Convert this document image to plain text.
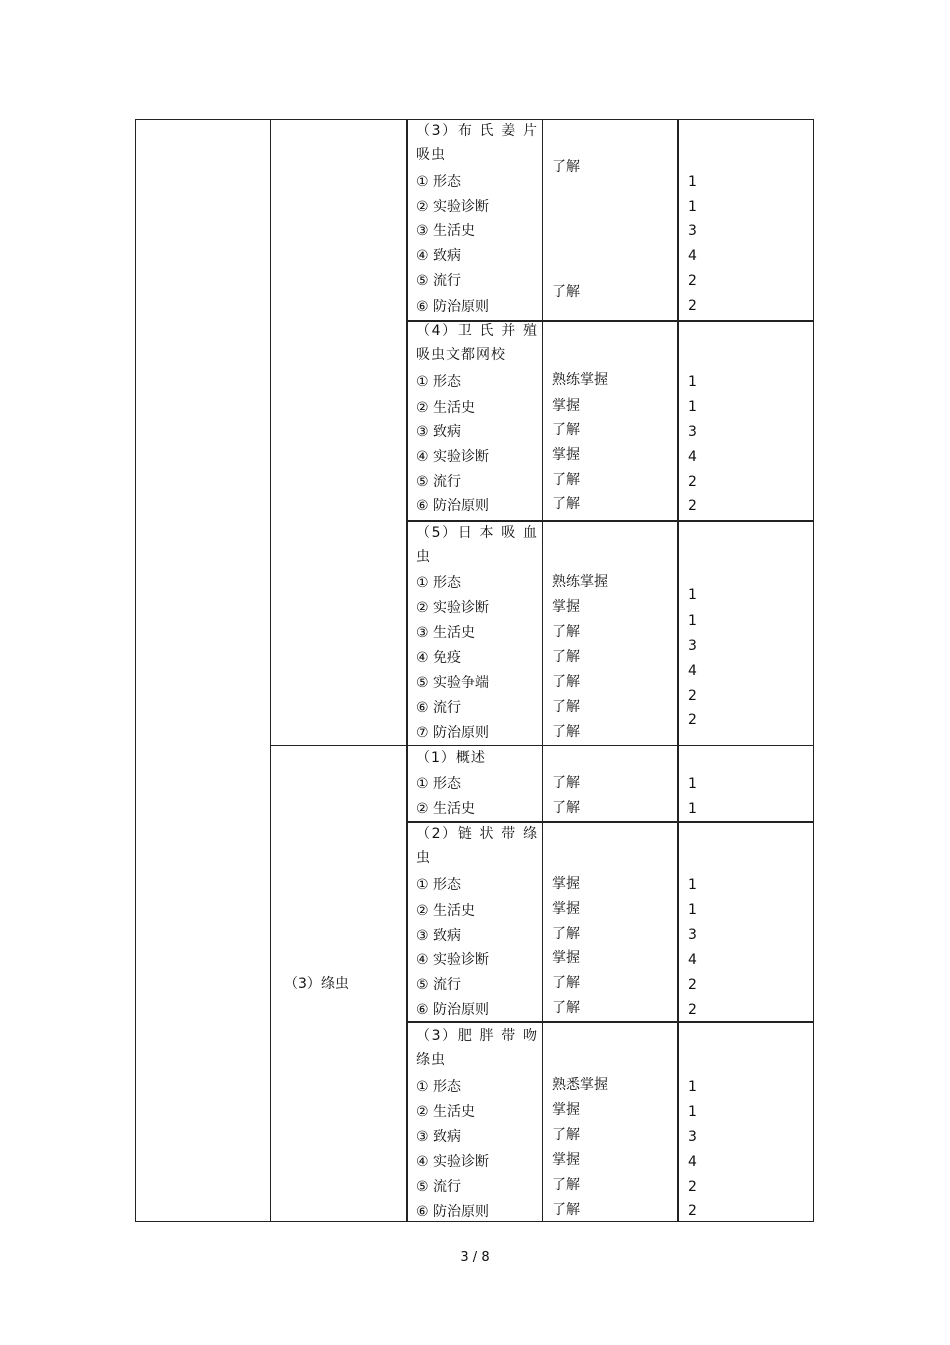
（3）布 氏 姜 片 吸虫
① 形态
② 实验诊断
③ 生活史
④ 致病
⑤ 流行
⑥ 防治原则
了解
了解
1
1
3
4
2
2
（4）卫 氏 并 殖 吸虫文都网校
① 形态
② 生活史
③ 致病
④ 实验诊断
⑤ 流行
⑥ 防治原则
熟练掌握
掌握
了解
掌握
了解
了解
1
1
3
4
2
2
（5）日 本 吸 血 虫
① 形态
② 实验诊断
③ 生活史
④ 免疫
⑤ 实验争端
⑥ 流行
⑦ 防治原则
熟练掌握
掌握
了解
了解
了解
了解
了解
1
1
3
4
2
2
（3）绦虫
（1）概述
① 形态
② 生活史
了解
了解
1
1
（2）链 状 带 绦 虫
① 形态
② 生活史
③ 致病
④ 实验诊断
⑤ 流行
⑥ 防治原则
掌握
掌握
了解
掌握
了解
了解
1
1
3
4
2
2
（3）肥 胖 带 吻 绦虫
① 形态
② 生活史
③ 致病
④ 实验诊断
⑤ 流行
⑥ 防治原则
熟悉掌握
掌握
了解
掌握
了解
了解
1
1
3
4
2
2
3 / 8
